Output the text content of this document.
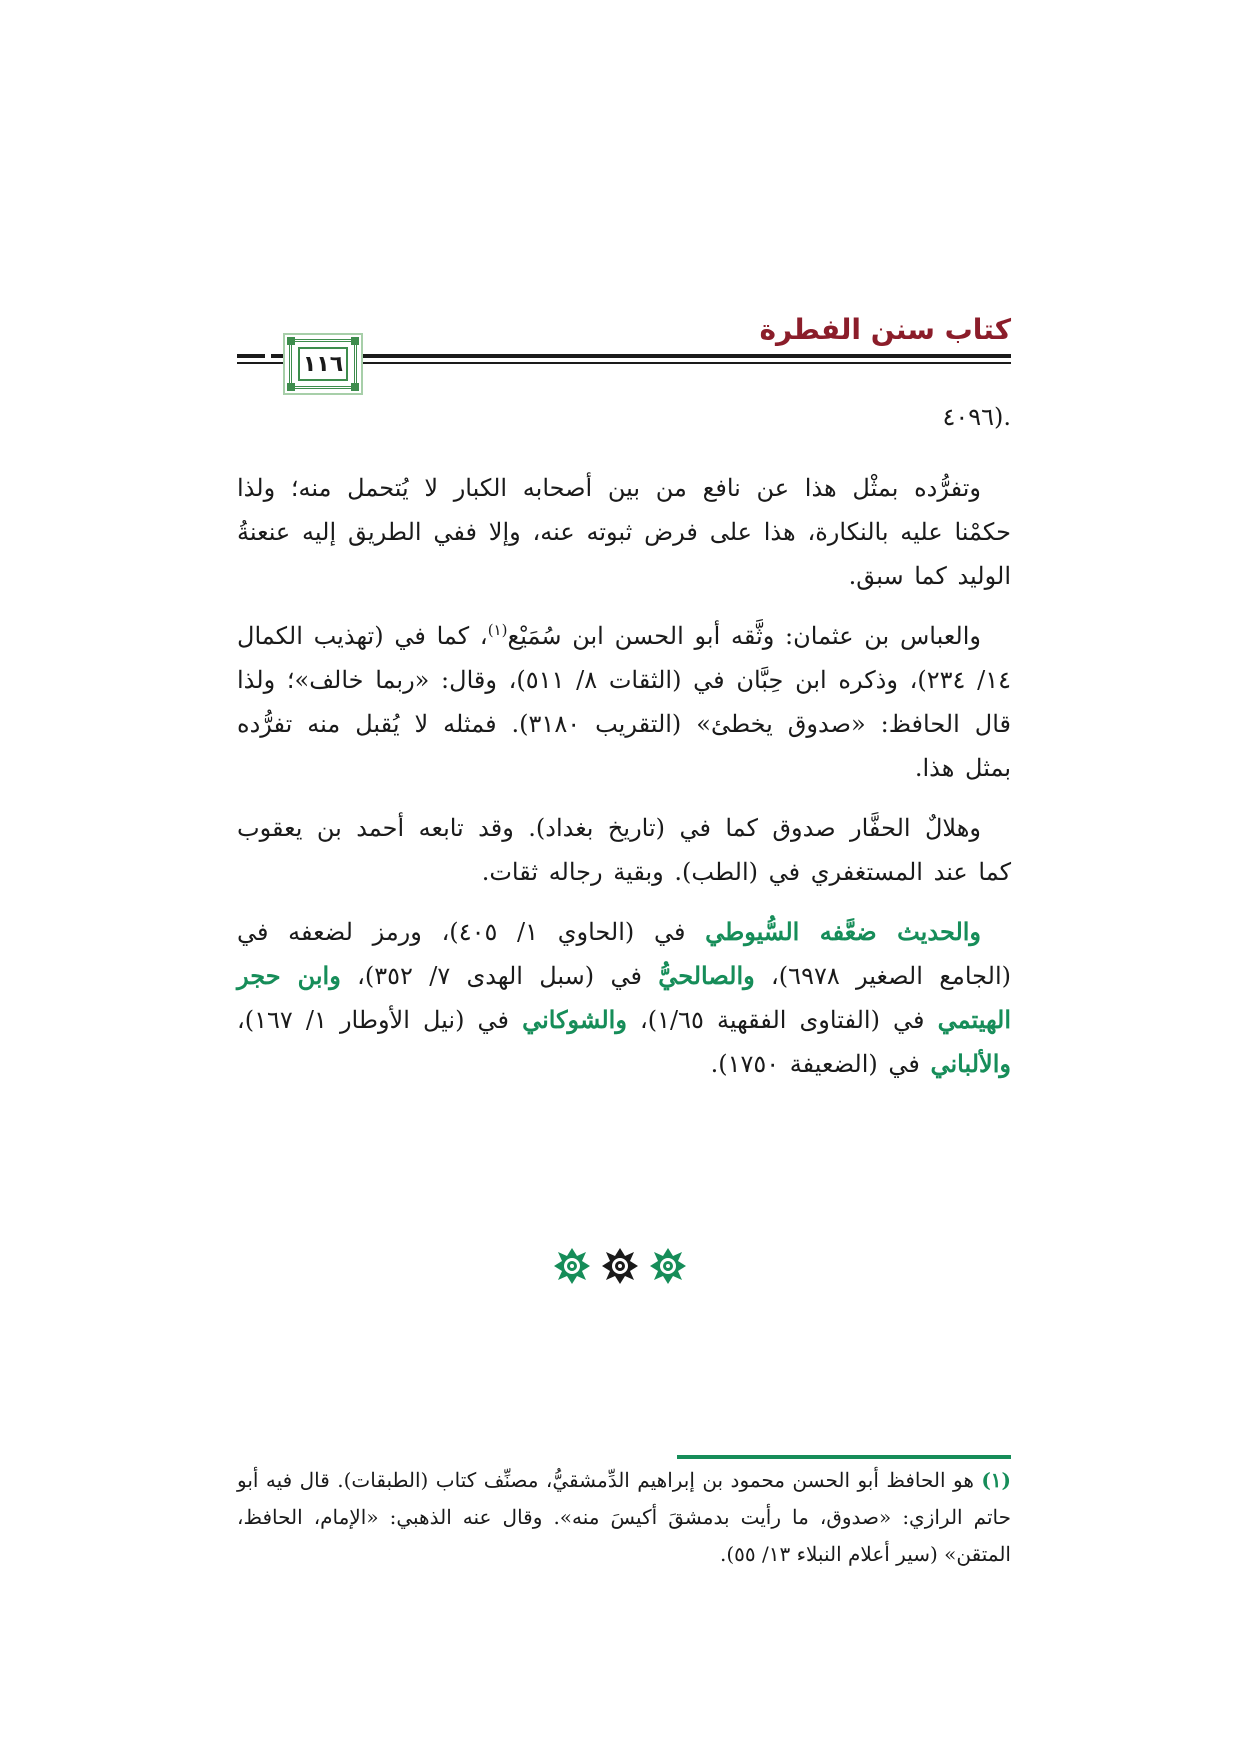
كتاب سنن الفطرة
١١٦

.(٤٠٩٦

وتفرُّده بمثْل هذا عن نافع من بين أصحابه الكبار لا يُتحمل منه؛ ولذا حكمْنا عليه بالنكارة، هذا على فرض ثبوته عنه، وإلا ففي الطريق إليه عنعنةُ الوليد كما سبق.

والعباس بن عثمان: وثَّقه أبو الحسن ابن سُمَيْع$^{(١)}$، كما في (تهذيب الكمال ١٤/ ٢٣٤)، وذكره ابن حِبَّان في (الثقات ٨/ ٥١١)، وقال: «ربما خالف»؛ ولذا قال الحافظ: «صدوق يخطئ» (التقريب ٣١٨٠). فمثله لا يُقبل منه تفرُّده بمثل هذا.

وهلالٌ الحفَّار صدوق كما في (تاريخ بغداد). وقد تابعه أحمد بن يعقوب كما عند المستغفري في (الطب). وبقية رجاله ثقات.

والحديث ضعَّفه السُّيوطي في (الحاوي ١/ ٤٠٥)، ورمز لضعفه في (الجامع الصغير ٦٩٧٨)، والصالحيُّ في (سبل الهدى ٧/ ٣٥٢)، وابن حجر الهيتمي في (الفتاوى الفقهية ١/٦٥)، والشوكاني في (نيل الأوطار ١/ ١٦٧)، والألباني في (الضعيفة ١٧٥٠).

(١) هو الحافظ أبو الحسن محمود بن إبراهيم الدِّمشقيُّ، مصنِّف كتاب (الطبقات). قال فيه أبو حاتم الرازي: «صدوق، ما رأيت بدمشقَ أكيسَ منه». وقال عنه الذهبي: «الإمام، الحافظ، المتقن» (سير أعلام النبلاء ١٣/ ٥٥).
